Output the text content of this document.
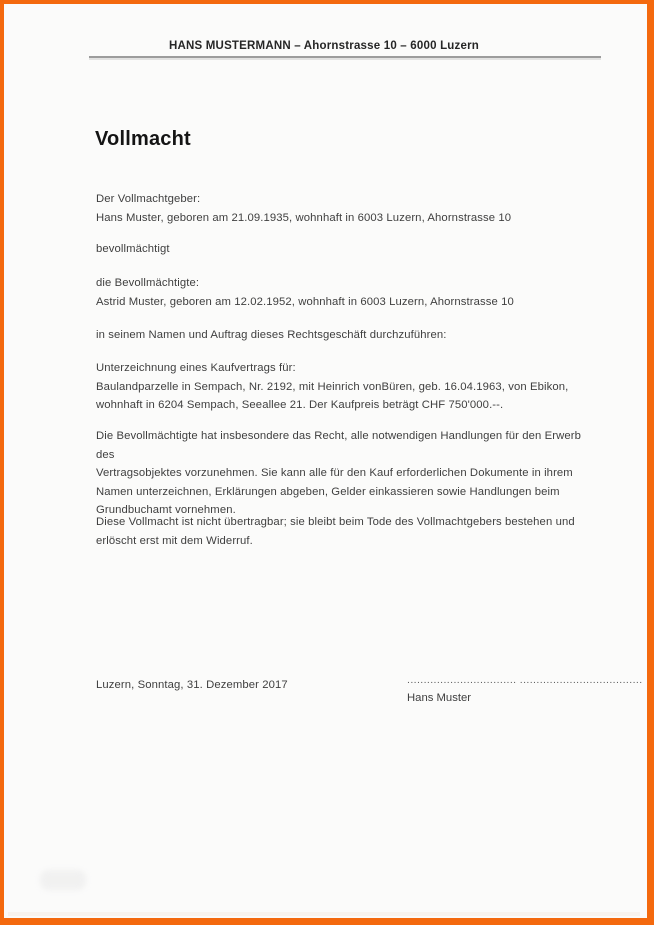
HANS MUSTERMANN – Ahornstrasse 10 – 6000 Luzern
Vollmacht
Der Vollmachtgeber:
Hans Muster, geboren am 21.09.1935, wohnhaft in 6003 Luzern, Ahornstrasse 10
bevollmächtigt
die Bevollmächtigte:
Astrid Muster, geboren am 12.02.1952, wohnhaft in 6003 Luzern, Ahornstrasse 10
in seinem Namen und Auftrag dieses Rechtsgeschäft durchzuführen:
Unterzeichnung eines Kaufvertrags für:
Baulandparzelle in Sempach, Nr. 2192, mit Heinrich vonBüren, geb. 16.04.1963, von Ebikon,
wohnhaft in 6204 Sempach, Seeallee 21. Der Kaufpreis beträgt CHF 750'000.--.
Die Bevollmächtigte hat insbesondere das Recht, alle notwendigen Handlungen für den Erwerb des
Vertragsobjektes vorzunehmen. Sie kann alle für den Kauf erforderlichen Dokumente in ihrem
Namen unterzeichnen, Erklärungen abgeben, Gelder einkassieren sowie Handlungen beim
Grundbuchamt vornehmen.
Diese Vollmacht ist nicht übertragbar; sie bleibt beim Tode des Vollmachtgebers bestehen und
erlöscht erst mit dem Widerruf.
Luzern, Sonntag, 31. Dezember 2017	................................. .....................................
Hans Muster
